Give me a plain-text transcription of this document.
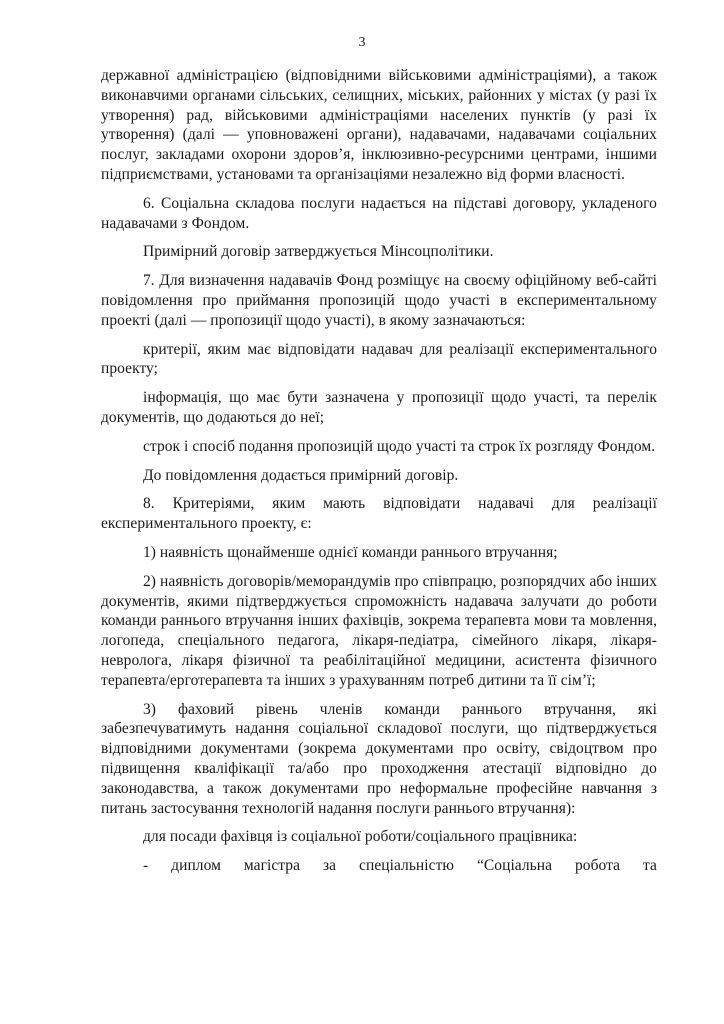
3

державної адміністрацією (відповідними військовими адміністраціями), а також виконавчими органами сільських, селищних, міських, районних у містах (у разі їх утворення) рад, військовими адміністраціями населених пунктів (у разі їх утворення) (далі — уповноважені органи), надавачами, надавачами соціальних послуг, закладами охорони здоров’я, інклюзивно-ресурсними центрами, іншими підприємствами, установами та організаціями незалежно від форми власності.

6. Соціальна складова послуги надається на підставі договору, укладеного надавачами з Фондом.

Примірний договір затверджується Мінсоцполітики.

7. Для визначення надавачів Фонд розміщує на своєму офіційному веб-сайті повідомлення про приймання пропозицій щодо участі в експериментальному проекті (далі — пропозиції щодо участі), в якому зазначаються:

критерії, яким має відповідати надавач для реалізації експериментального проекту;

інформація, що має бути зазначена у пропозиції щодо участі, та перелік документів, що додаються до неї;

строк і спосіб подання пропозицій щодо участі та строк їх розгляду Фондом.

До повідомлення додається примірний договір.

8. Критеріями, яким мають відповідати надавачі для реалізації експериментального проекту, є:

1) наявність щонайменше однієї команди раннього втручання;

2) наявність договорів/меморандумів про співпрацю, розпорядчих або інших документів, якими підтверджується спроможність надавача залучати до роботи команди раннього втручання інших фахівців, зокрема терапевта мови та мовлення, логопеда, спеціального педагога, лікаря-педіатра, сімейного лікаря, лікаря-невролога, лікаря фізичної та реабілітаційної медицини, асистента фізичного терапевта/ерготерапевта та інших з урахуванням потреб дитини та її сім’ї;

3) фаховий рівень членів команди раннього втручання, які забезпечуватимуть надання соціальної складової послуги, що підтверджується відповідними документами (зокрема документами про освіту, свідоцтвом про підвищення кваліфікації та/або про проходження атестації відповідно до законодавства, а також документами про неформальне професійне навчання з питань застосування технологій надання послуги раннього втручання):

для посади фахівця із соціальної роботи/соціального працівника:

- диплом магістра за спеціальністю “Соціальна робота та
